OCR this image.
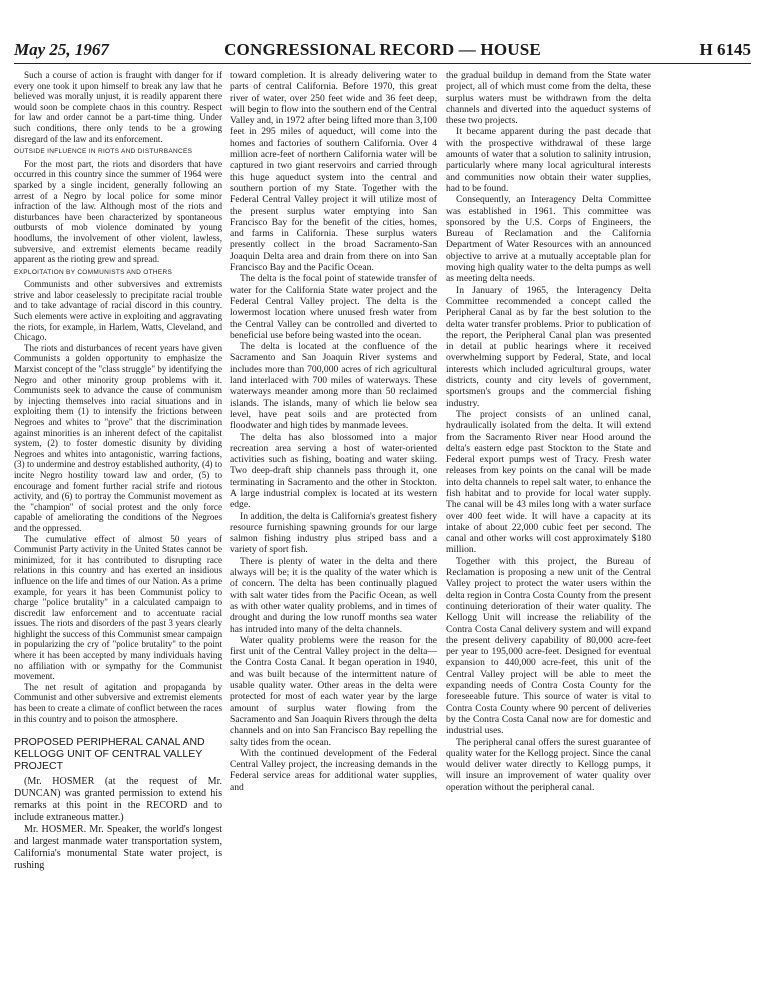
May 25, 1967	CONGRESSIONAL RECORD — HOUSE	H 6145

Such a course of action is fraught with danger for if every one took it upon himself to break any law that he believed was morally unjust, it is readily apparent there would soon be complete chaos in this country. Respect for law and order cannot be a part-time thing. Under such conditions, there only tends to be a growing disregard of the law and its enforcement.

OUTSIDE INFLUENCE IN RIOTS AND DISTURBANCES

For the most part, the riots and disorders that have occurred in this country since the summer of 1964 were sparked by a single incident, generally following an arrest of a Negro by local police for some minor infraction of the law. Although most of the riots and disturbances have been characterized by spontaneous outbursts of mob violence dominated by young hoodlums, the involvement of other violent, lawless, subversive, and extremist elements became readily apparent as the rioting grew and spread.

EXPLOITATION BY COMMUNISTS AND OTHERS

Communists and other subversives and extremists strive and labor ceaselessly to precipitate racial trouble and to take advantage of racial discord in this country. Such elements were active in exploiting and aggravating the riots, for example, in Harlem, Watts, Cleveland, and Chicago.

The riots and disturbances of recent years have given Communists a golden opportunity to emphasize the Marxist concept of the "class struggle" by identifying the Negro and other minority group problems with it. Communists seek to advance the cause of communism by injecting themselves into racial situations and in exploiting them (1) to intensify the frictions between Negroes and whites to "prove" that the discrimination against minorities is an inherent defect of the capitalist system, (2) to foster domestic disunity by dividing Negroes and whites into antagonistic, warring factions, (3) to undermine and destroy established authority, (4) to incite Negro hostility toward law and order, (5) to encourage and foment further racial strife and riotous activity, and (6) to portray the Communist movement as the "champion" of social protest and the only force capable of ameliorating the conditions of the Negroes and the oppressed.

The cumulative effect of almost 50 years of Communist Party activity in the United States cannot be minimized, for it has contributed to disrupting race relations in this country and has exerted an insidious influence on the life and times of our Nation. As a prime example, for years it has been Communist policy to charge "police brutality" in a calculated campaign to discredit law enforcement and to accentuate racial issues. The riots and disorders of the past 3 years clearly highlight the success of this Communist smear campaign in popularizing the cry of "police brutality" to the point where it has been accepted by many individuals having no affiliation with or sympathy for the Communist movement.

The net result of agitation and propaganda by Communist and other subversive and extremist elements has been to create a climate of conflict between the races in this country and to poison the atmosphere.

PROPOSED PERIPHERAL CANAL AND KELLOGG UNIT OF CENTRAL VALLEY PROJECT

(Mr. HOSMER (at the request of Mr. DUNCAN) was granted permission to extend his remarks at this point in the RECORD and to include extraneous matter.)

Mr. HOSMER. Mr. Speaker, the world's longest and largest manmade water transportation system, California's monumental State water project, is rushing

toward completion. It is already delivering water to parts of central California. Before 1970, this great river of water, over 250 feet wide and 36 feet deep, will begin to flow into the southern end of the Central Valley and, in 1972 after being lifted more than 3,100 feet in 295 miles of aqueduct, will come into the homes and factories of southern California. Over 4 million acre-feet of northern California water will be captured in two giant reservoirs and carried through this huge aqueduct system into the central and southern portion of my State. Together with the Federal Central Valley project it will utilize most of the present surplus water emptying into San Francisco Bay for the benefit of the cities, homes, and farms in California. These surplus waters presently collect in the broad Sacramento-San Joaquin Delta area and drain from there on into San Francisco Bay and the Pacific Ocean.

The delta is the focal point of statewide transfer of water for the California State water project and the Federal Central Valley project. The delta is the lowermost location where unused fresh water from the Central Valley can be controlled and diverted to beneficial use before being wasted into the ocean.

The delta is located at the confluence of the Sacramento and San Joaquin River systems and includes more than 700,000 acres of rich agricultural land interlaced with 700 miles of waterways. These waterways meander among more than 50 reclaimed islands. The islands, many of which lie below sea level, have peat soils and are protected from floodwater and high tides by manmade levees.

The delta has also blossomed into a major recreation area serving a host of water-oriented activities such as fishing, boating and water skiing. Two deep-draft ship channels pass through it, one terminating in Sacramento and the other in Stockton. A large industrial complex is located at its western edge.

In addition, the delta is California's greatest fishery resource furnishing spawning grounds for our large salmon fishing industry plus striped bass and a variety of sport fish.

There is plenty of water in the delta and there always will be; it is the quality of the water which is of concern. The delta has been continually plagued with salt water tides from the Pacific Ocean, as well as with other water quality problems, and in times of drought and during the low runoff months sea water has intruded into many of the delta channels.

Water quality problems were the reason for the first unit of the Central Valley project in the delta—the Contra Costa Canal. It began operation in 1940, and was built because of the intermittent nature of usable quality water. Other areas in the delta were protected for most of each water year by the large amount of surplus water flowing from the Sacramento and San Joaquin Rivers through the delta channels and on into San Francisco Bay repelling the salty tides from the ocean.

With the continued development of the Federal Central Valley project, the increasing demands in the Federal service areas for additional water supplies, and

the gradual buildup in demand from the State water project, all of which must come from the delta, these surplus waters must be withdrawn from the delta channels and diverted into the aqueduct systems of these two projects.

It became apparent during the past decade that with the prospective withdrawal of these large amounts of water that a solution to salinity intrusion, particularly where many local agricultural interests and communities now obtain their water supplies, had to be found.

Consequently, an Interagency Delta Committee was established in 1961. This committee was sponsored by the U.S. Corps of Engineers, the Bureau of Reclamation and the California Department of Water Resources with an announced objective to arrive at a mutually acceptable plan for moving high quality water to the delta pumps as well as meeting delta needs.

In January of 1965, the Interagency Delta Committee recommended a concept called the Peripheral Canal as by far the best solution to the delta water transfer problems. Prior to publication of the report, the Peripheral Canal plan was presented in detail at public hearings where it received overwhelming support by Federal, State, and local interests which included agricultural groups, water districts, county and city levels of government, sportsmen's groups and the commercial fishing industry.

The project consists of an unlined canal, hydraulically isolated from the delta. It will extend from the Sacramento River near Hood around the delta's eastern edge past Stockton to the State and Federal export pumps west of Tracy. Fresh water releases from key points on the canal will be made into delta channels to repel salt water, to enhance the fish habitat and to provide for local water supply. The canal will be 43 miles long with a water surface over 400 feet wide. It will have a capacity at its intake of about 22,000 cubic feet per second. The canal and other works will cost approximately $180 million.

Together with this project, the Bureau of Reclamation is proposing a new unit of the Central Valley project to protect the water users within the delta region in Contra Costa County from the present continuing deterioration of their water quality. The Kellogg Unit will increase the reliability of the Contra Costa Canal delivery system and will expand the present delivery capability of 80,000 acre-feet per year to 195,000 acre-feet. Designed for eventual expansion to 440,000 acre-feet, this unit of the Central Valley project will be able to meet the expanding needs of Contra Costa County for the foreseeable future. This source of water is vital to Contra Costa County where 90 percent of deliveries by the Contra Costa Canal now are for domestic and industrial uses.

The peripheral canal offers the surest guarantee of quality water for the Kellogg project. Since the canal would deliver water directly to Kellogg pumps, it will insure an improvement of water quality over operation without the peripheral canal.
